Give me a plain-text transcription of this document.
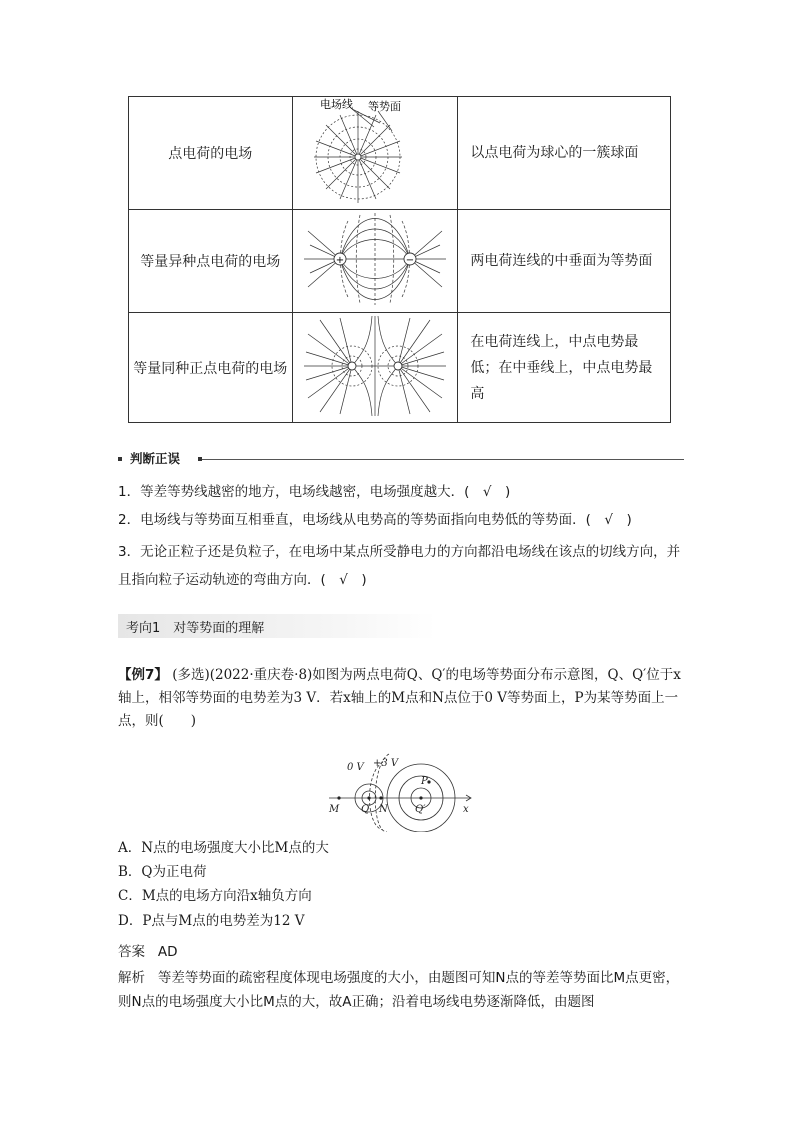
点电荷的电场	电场线 等势面	以点电荷为球心的一簇球面
等量异种点电荷的电场	+ −	两电荷连线的中垂面为等势面
等量同种正点电荷的电场		在电荷连线上，中点电势最低；在中垂线上，中点电势最高
判断正误
1．等差等势线越密的地方，电场线越密，电场强度越大．(　√　)
2．电场线与等势面互相垂直，电场线从电势高的等势面指向电势低的等势面．(　√　)
3．无论正粒子还是负粒子，在电场中某点所受静电力的方向都沿电场线在该点的切线方向，并且指向粒子运动轨迹的弯曲方向．(　√　)
考向1　对等势面的理解
【例7】 (多选)(2022·重庆卷·8)如图为两点电荷Q、Q′的电场等势面分布示意图，Q、Q′位于x轴上，相邻等势面的电势差为3 V．若x轴上的M点和N点位于0 V等势面上，P为某等势面上一点，则(　　)
0 V +3 V
P
M Q N	Q′	x
A．N点的电场强度大小比M点的大
B．Q为正电荷
C．M点的电场方向沿x轴负方向
D．P点与M点的电势差为12 V
答案 AD
解析 等差等势面的疏密程度体现电场强度的大小，由题图可知N点的等差等势面比M点更密，则N点的电场强度大小比M点的大，故A正确；沿着电场线电势逐渐降低，由题图
